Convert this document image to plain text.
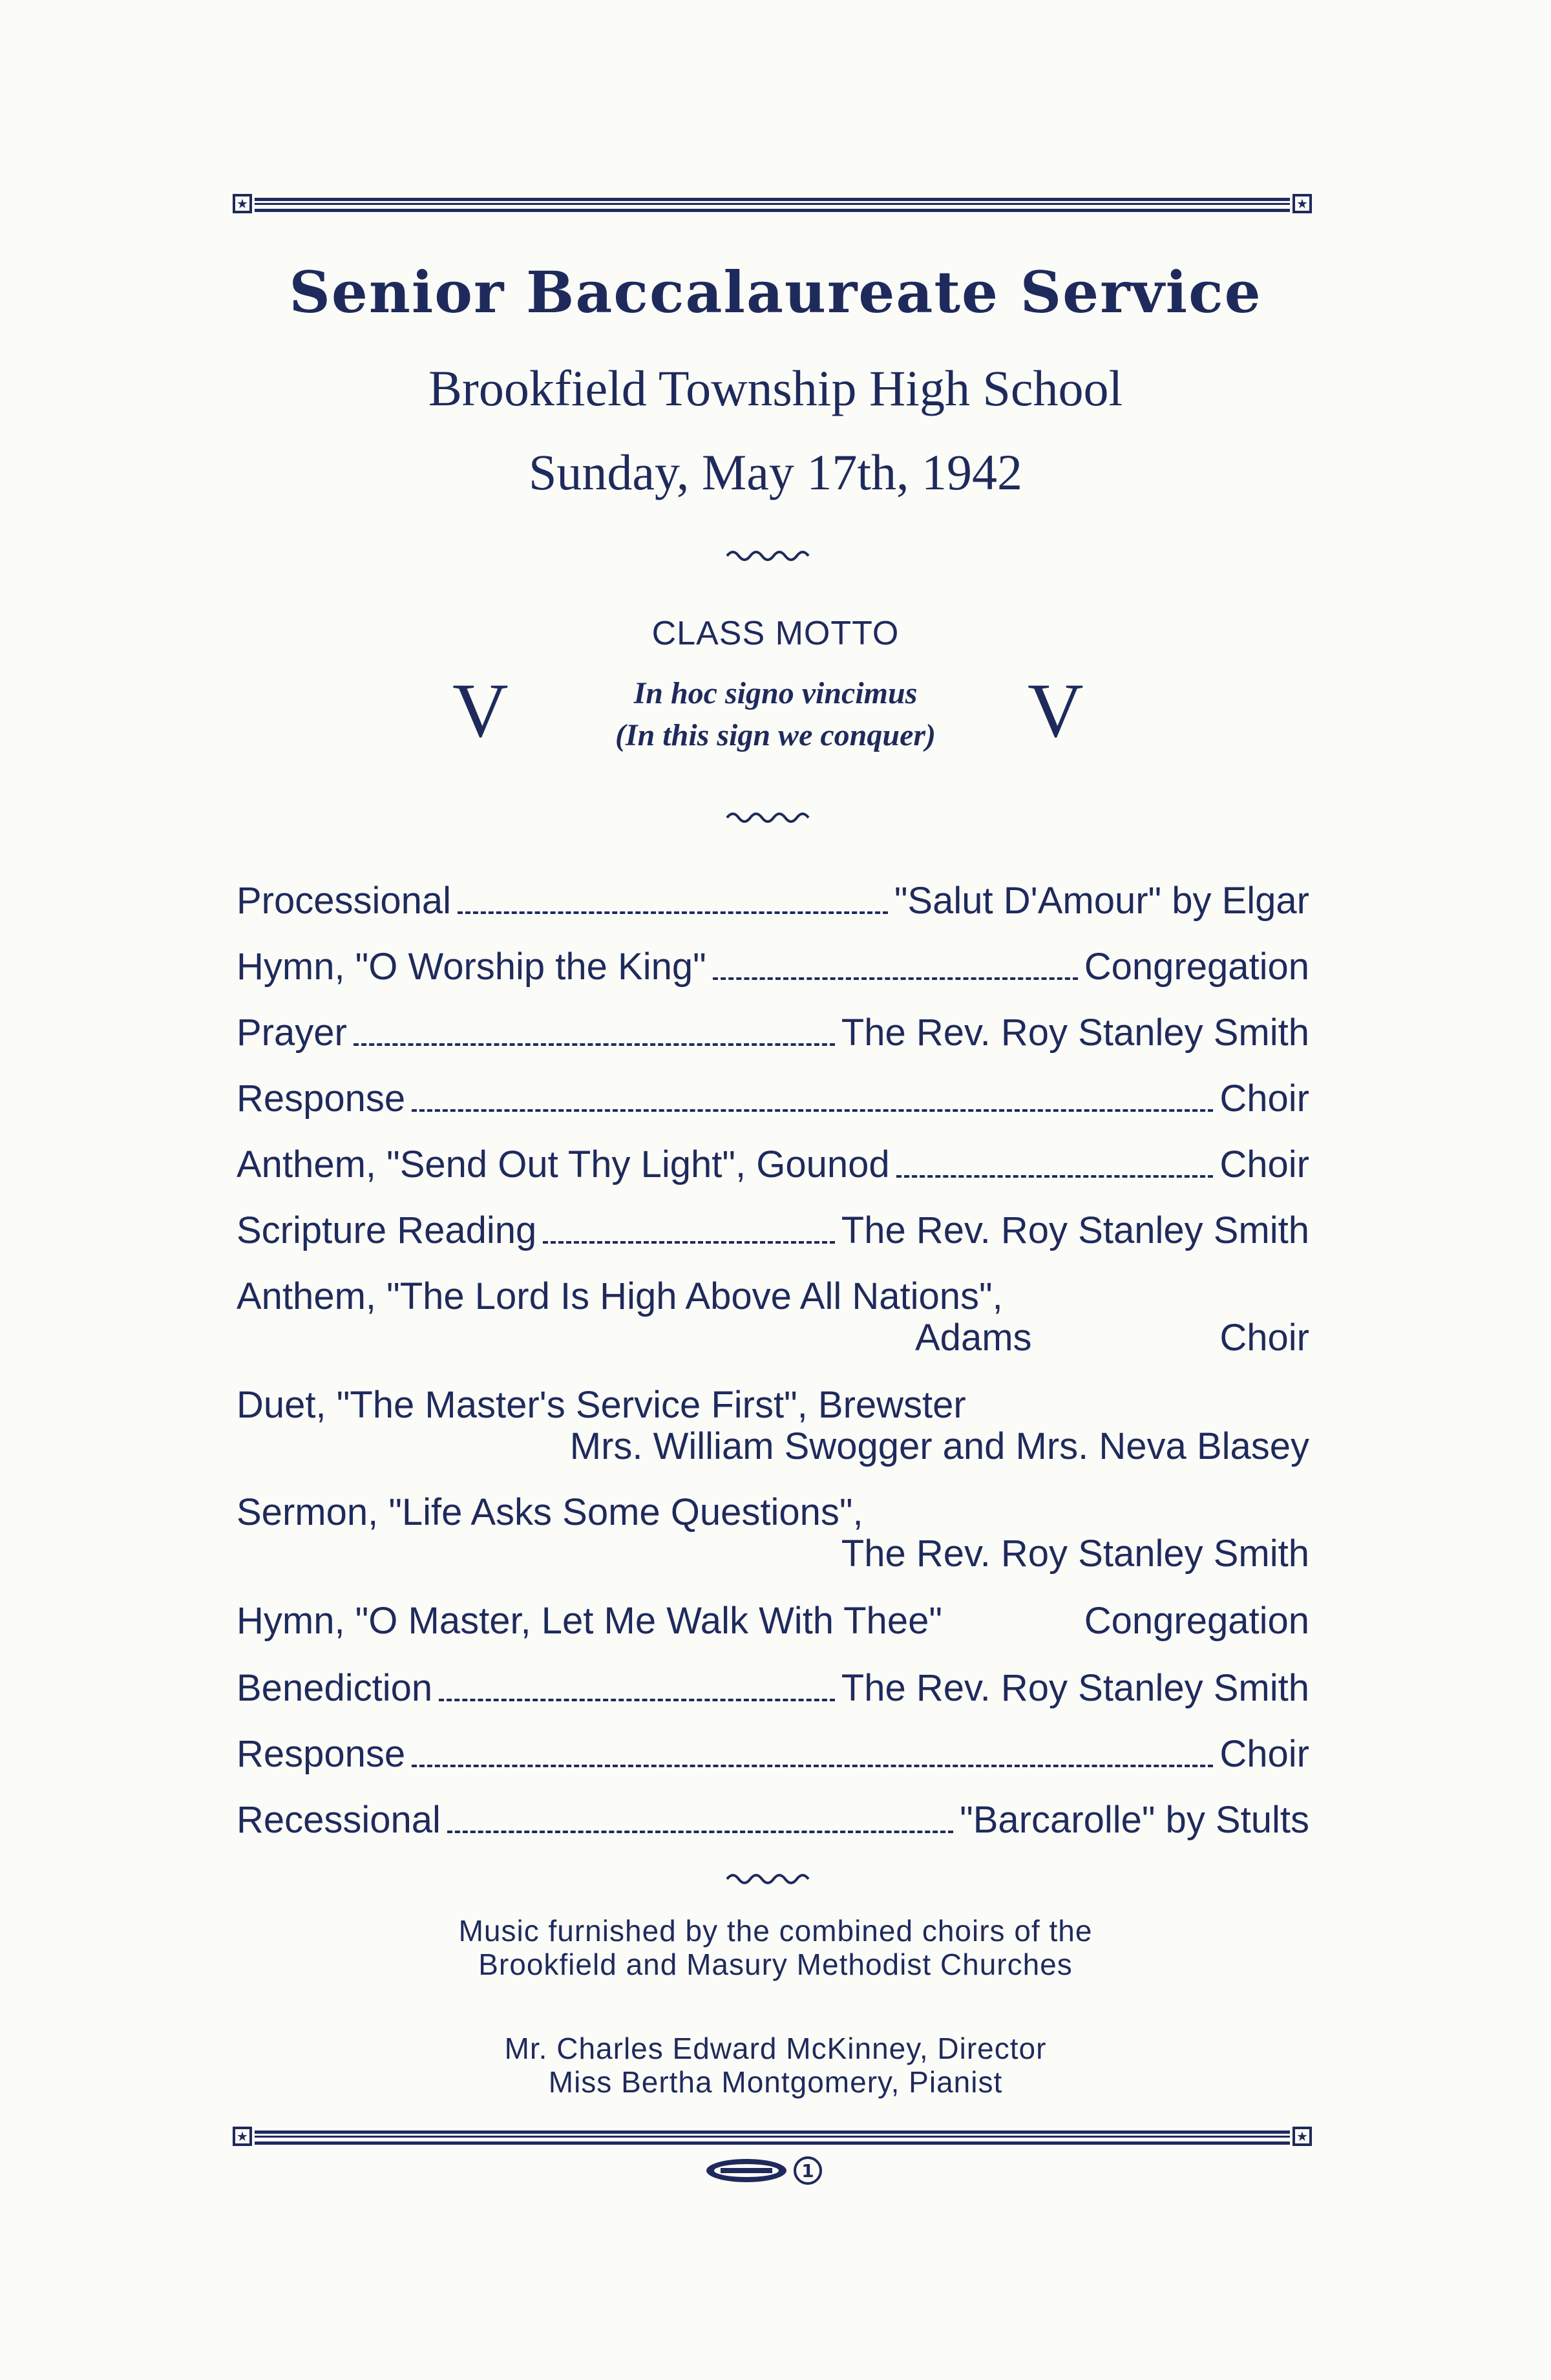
★	★
Senior Baccalaureate Service
Brookfield Township High School
Sunday, May 17th, 1942
CLASS MOTTO
V	In hoc signo vincimus
(In this sign we conquer)	V
Processional	"Salut D'Amour" by Elgar
Hymn, "O Worship the King"	Congregation
Prayer	The Rev. Roy Stanley Smith
Response	Choir
Anthem, "Send Out Thy Light", Gounod	Choir
Scripture Reading	The Rev. Roy Stanley Smith
Anthem, "The Lord Is High Above All Nations",
Adams	Choir
Duet, "The Master's Service First", Brewster
Mrs. William Swogger and Mrs. Neva Blasey
Sermon, "Life Asks Some Questions",
The Rev. Roy Stanley Smith
Hymn, "O Master, Let Me Walk With Thee"	Congregation
Benediction	The Rev. Roy Stanley Smith
Response	Choir
Recessional	"Barcarolle" by Stults
Music furnished by the combined choirs of the
Brookfield and Masury Methodist Churches
Mr. Charles Edward McKinney, Director
Miss Bertha Montgomery, Pianist
★	★
1
